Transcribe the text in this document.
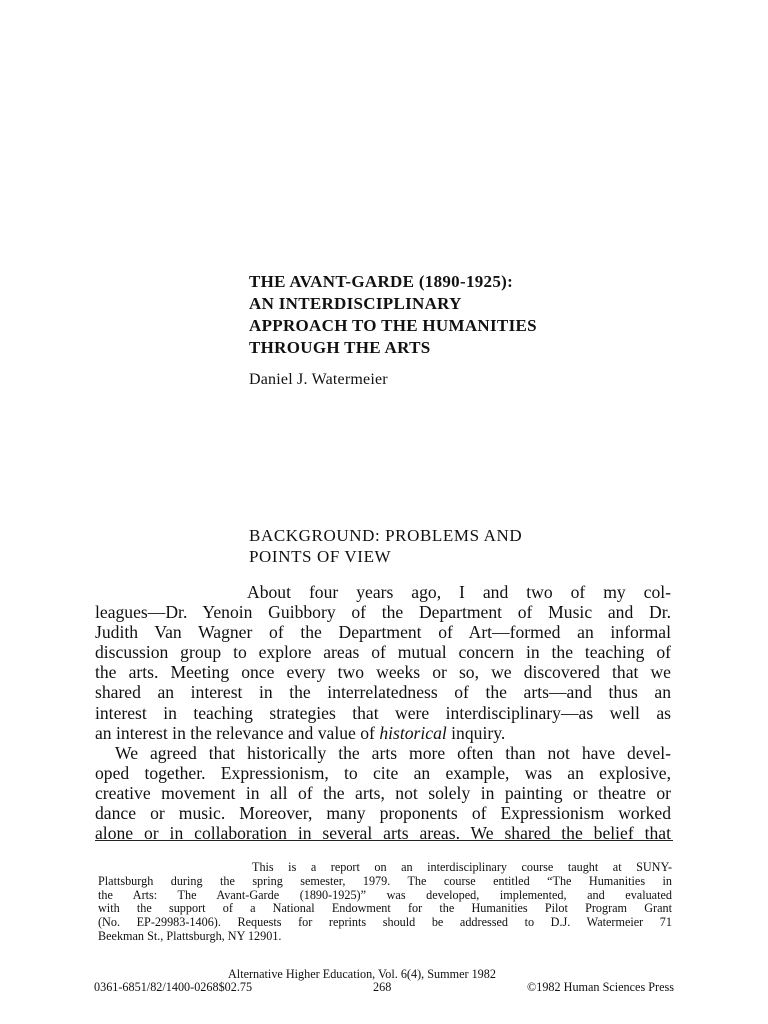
THE AVANT-GARDE (1890-1925):
AN INTERDISCIPLINARY
APPROACH TO THE HUMANITIES
THROUGH THE ARTS
Daniel J. Watermeier
BACKGROUND: PROBLEMS AND
POINTS OF VIEW
About four years ago, I and two of my col-
leagues—Dr. Yenoin Guibbory of the Department of Music and Dr.
Judith Van Wagner of the Department of Art—formed an informal
discussion group to explore areas of mutual concern in the teaching of
the arts. Meeting once every two weeks or so, we discovered that we
shared an interest in the interrelatedness of the arts—and thus an
interest in teaching strategies that were interdisciplinary—as well as
an interest in the relevance and value of historical inquiry.
We agreed that historically the arts more often than not have devel-
oped together. Expressionism, to cite an example, was an explosive,
creative movement in all of the arts, not solely in painting or theatre or
dance or music. Moreover, many proponents of Expressionism worked
alone or in collaboration in several arts areas. We shared the belief that
This is a report on an interdisciplinary course taught at SUNY-
Plattsburgh during the spring semester, 1979. The course entitled “The Humanities in
the Arts: The Avant-Garde (1890-1925)” was developed, implemented, and evaluated
with the support of a National Endowment for the Humanities Pilot Program Grant
(No. EP-29983-1406). Requests for reprints should be addressed to D.J. Watermeier 71
Beekman St., Plattsburgh, NY 12901.
Alternative Higher Education, Vol. 6(4), Summer 1982
0361-6851/82/1400-0268$02.75	268	©1982 Human Sciences Press
